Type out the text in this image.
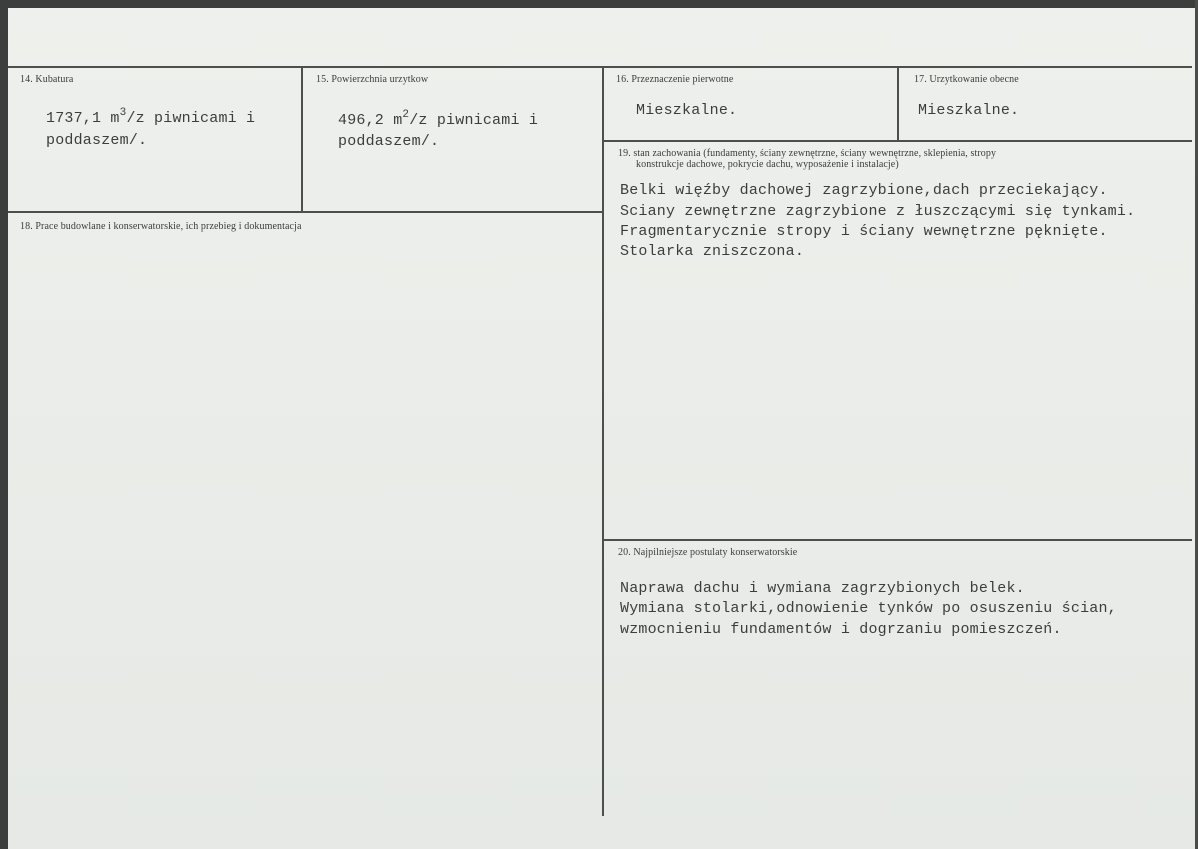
14. Kubatura
1737,1 $m^3/z$ piwnicami i
poddaszem/.
15. Powierzchnia urzytkow
496,2 $m^2/z$ piwnicami i
poddaszem/.
16. Przeznaczenie pierwotne
Mieszkalne.
17. Urzytkowanie obecne
Mieszkalne.
18. Prace budowlane i konserwatorskie, ich przebieg i dokumentacja
19. stan zachowania (fundamenty, ściany zewnętrzne, ściany wewnętrzne, sklepienia, stropy
konstrukcje dachowe, pokrycie dachu, wyposażenie i instalacje)
Belki więźby dachowej zagrzybione,dach przeciekający.
Sciany zewnętrzne zagrzybione z łuszczącymi się tynkami.
Fragmentarycznie stropy i ściany wewnętrzne pęknięte.
Stolarka zniszczona.
20. Najpilniejsze postulaty konserwatorskie
Naprawa dachu i wymiana zagrzybionych belek.
Wymiana stolarki,odnowienie tynków po osuszeniu ścian,
wzmocnieniu fundamentów i dogrzaniu pomieszczeń.
